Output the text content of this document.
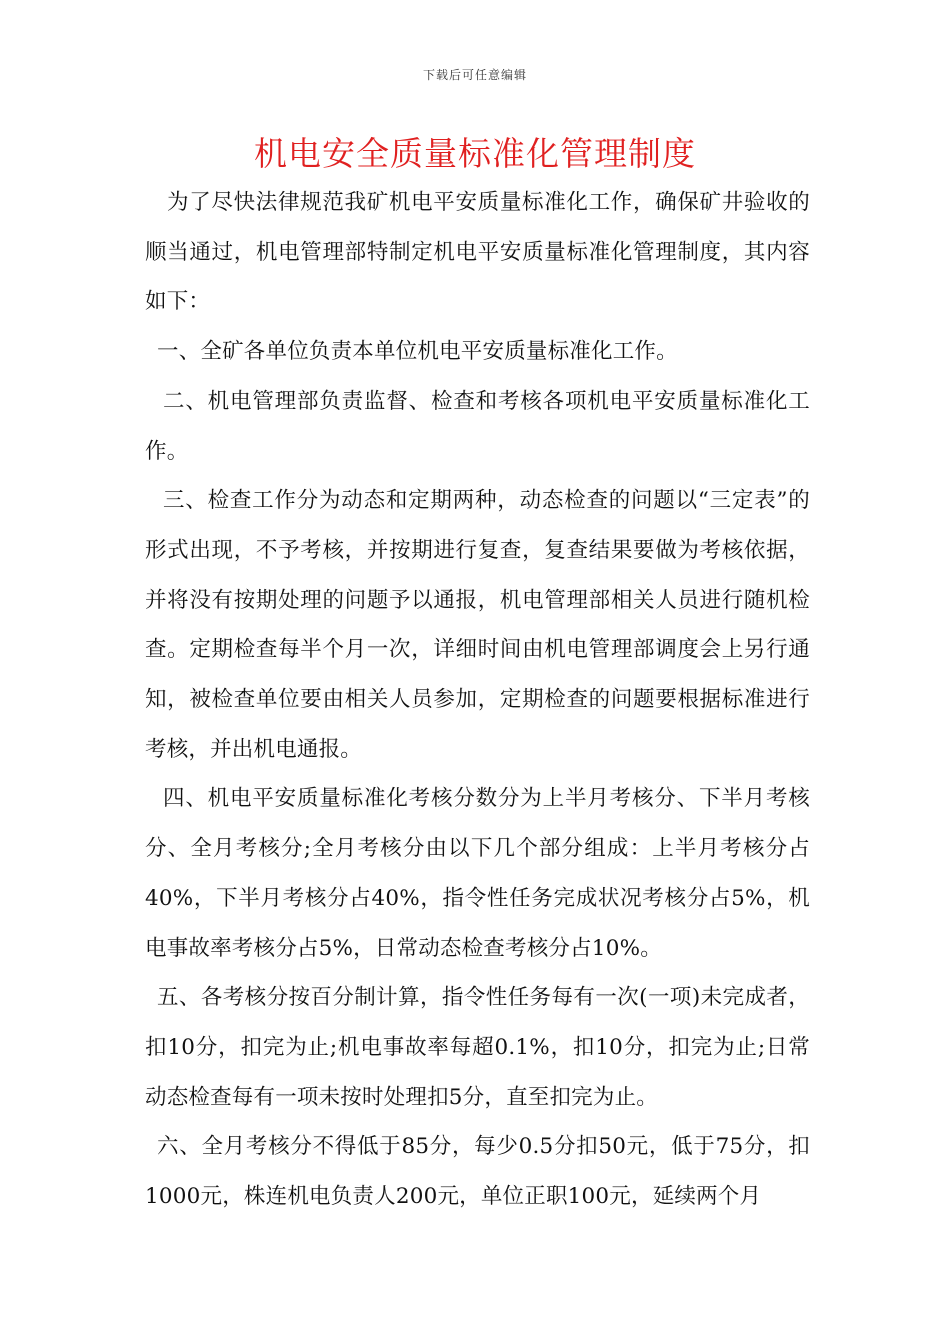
下载后可任意编辑
机电安全质量标准化管理制度

为了尽快法律规范我矿机电平安质量标准化工作，确保矿井验收的顺当通过，机电管理部特制定机电平安质量标准化管理制度，其内容如下：

一、全矿各单位负责本单位机电平安质量标准化工作。

二、机电管理部负责监督、检查和考核各项机电平安质量标准化工作。

三、检查工作分为动态和定期两种，动态检查的问题以“三定表”的形式出现，不予考核，并按期进行复查，复查结果要做为考核依据，并将没有按期处理的问题予以通报，机电管理部相关人员进行随机检查。定期检查每半个月一次，详细时间由机电管理部调度会上另行通知，被检查单位要由相关人员参加，定期检查的问题要根据标准进行考核，并出机电通报。

四、机电平安质量标准化考核分数分为上半月考核分、下半月考核分、全月考核分;全月考核分由以下几个部分组成：上半月考核分占40%，下半月考核分占40%，指令性任务完成状况考核分占5%，机电事故率考核分占5%，日常动态检查考核分占10%。

五、各考核分按百分制计算，指令性任务每有一次(一项)未完成者，扣10分，扣完为止;机电事故率每超0.1%，扣10分，扣完为止;日常动态检查每有一项未按时处理扣5分，直至扣完为止。

六、全月考核分不得低于85分，每少0.5分扣50元，低于75分，扣1000元，株连机电负责人200元，单位正职100元，延续两个月
